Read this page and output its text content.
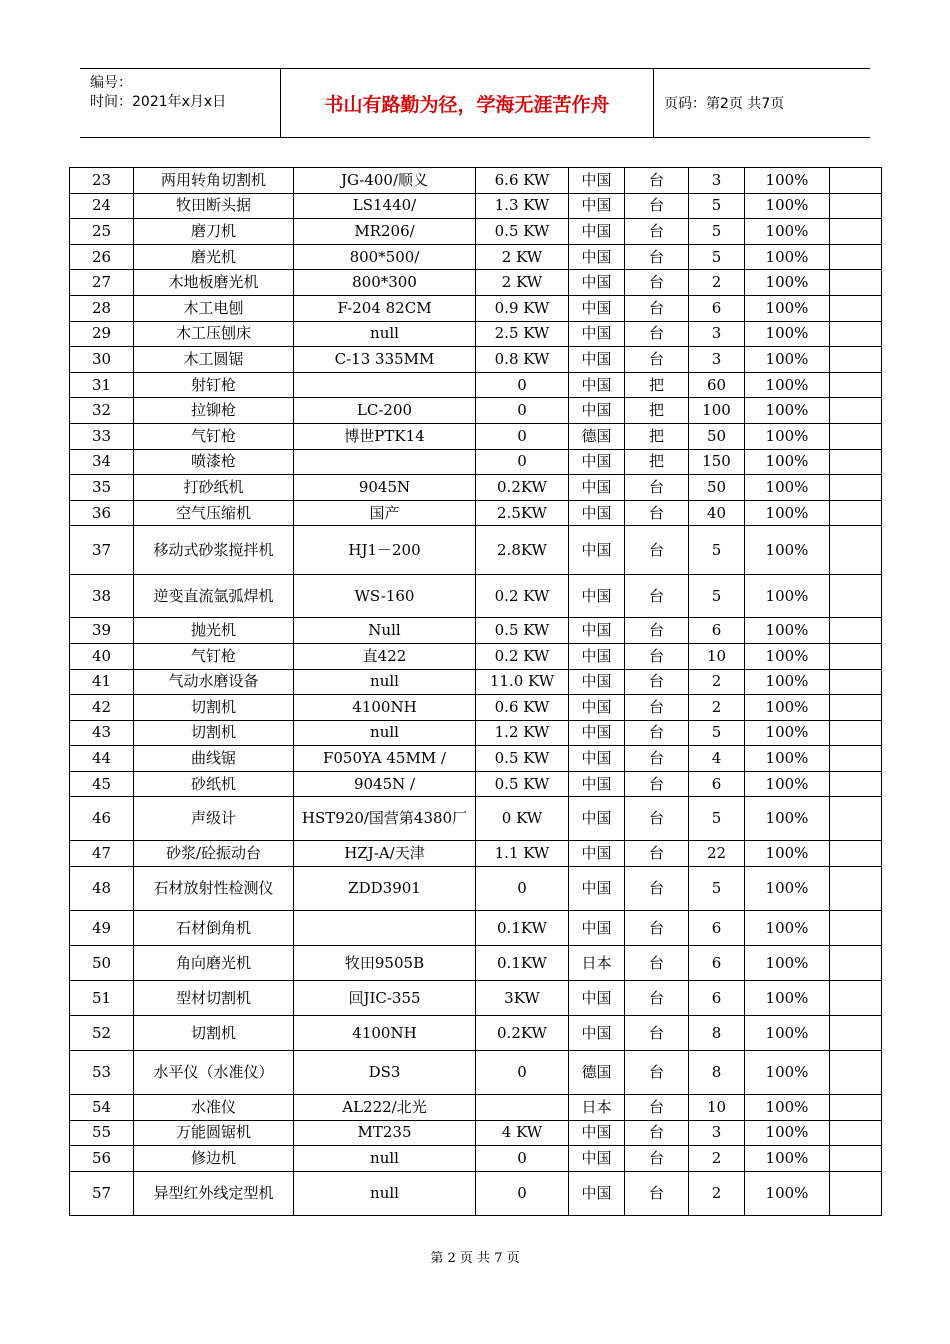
编号：
时间：2021年x月x日	书山有路勤为径，学海无涯苦作舟	页码：第2页 共7页
23	两用转角切割机	JG-400/顺义	6.6 KW	中国	台	3	100%	
24	牧田断头据	LS1440/	1.3 KW	中国	台	5	100%	
25	磨刀机	MR206/	0.5 KW	中国	台	5	100%	
26	磨光机	800*500/	2 KW	中国	台	5	100%	
27	木地板磨光机	800*300	2 KW	中国	台	2	100%	
28	木工电刨	F-204 82CM	0.9 KW	中国	台	6	100%	
29	木工压刨床	null	2.5 KW	中国	台	3	100%	
30	木工圆锯	C-13 335MM	0.8 KW	中国	台	3	100%	
31	射钉枪		0	中国	把	60	100%	
32	拉铆枪	LC-200	0	中国	把	100	100%	
33	气钉枪	博世PTK14	0	德国	把	50	100%	
34	喷漆枪		0	中国	把	150	100%	
35	打砂纸机	9045N	0.2KW	中国	台	50	100%	
36	空气压缩机	国产	2.5KW	中国	台	40	100%	
37	移动式砂浆搅拌机	HJ1－200	2.8KW	中国	台	5	100%	
38	逆变直流氩弧焊机	WS-160	0.2 KW	中国	台	5	100%	
39	抛光机	Null	0.5 KW	中国	台	6	100%	
40	气钉枪	直422	0.2 KW	中国	台	10	100%	
41	气动水磨设备	null	11.0 KW	中国	台	2	100%	
42	切割机	4100NH	0.6 KW	中国	台	2	100%	
43	切割机	null	1.2 KW	中国	台	5	100%	
44	曲线锯	F050YA 45MM /	0.5 KW	中国	台	4	100%	
45	砂纸机	9045N /	0.5 KW	中国	台	6	100%	
46	声级计	HST920/国营第4380厂	0 KW	中国	台	5	100%	
47	砂浆/砼振动台	HZJ-A/天津	1.1 KW	中国	台	22	100%	
48	石材放射性检测仪	ZDD3901	0	中国	台	5	100%	
49	石材倒角机		0.1KW	中国	台	6	100%	
50	角向磨光机	牧田9505B	0.1KW	日本	台	6	100%	
51	型材切割机	回JIC-355	3KW	中国	台	6	100%	
52	切割机	4100NH	0.2KW	中国	台	8	100%	
53	水平仪（水准仪）	DS3	0	德国	台	8	100%	
54	水准仪	AL222/北光		日本	台	10	100%	
55	万能圆锯机	MT235	4 KW	中国	台	3	100%	
56	修边机	null	0	中国	台	2	100%	
57	异型红外线定型机	null	0	中国	台	2	100%	
第 2 页 共 7 页
